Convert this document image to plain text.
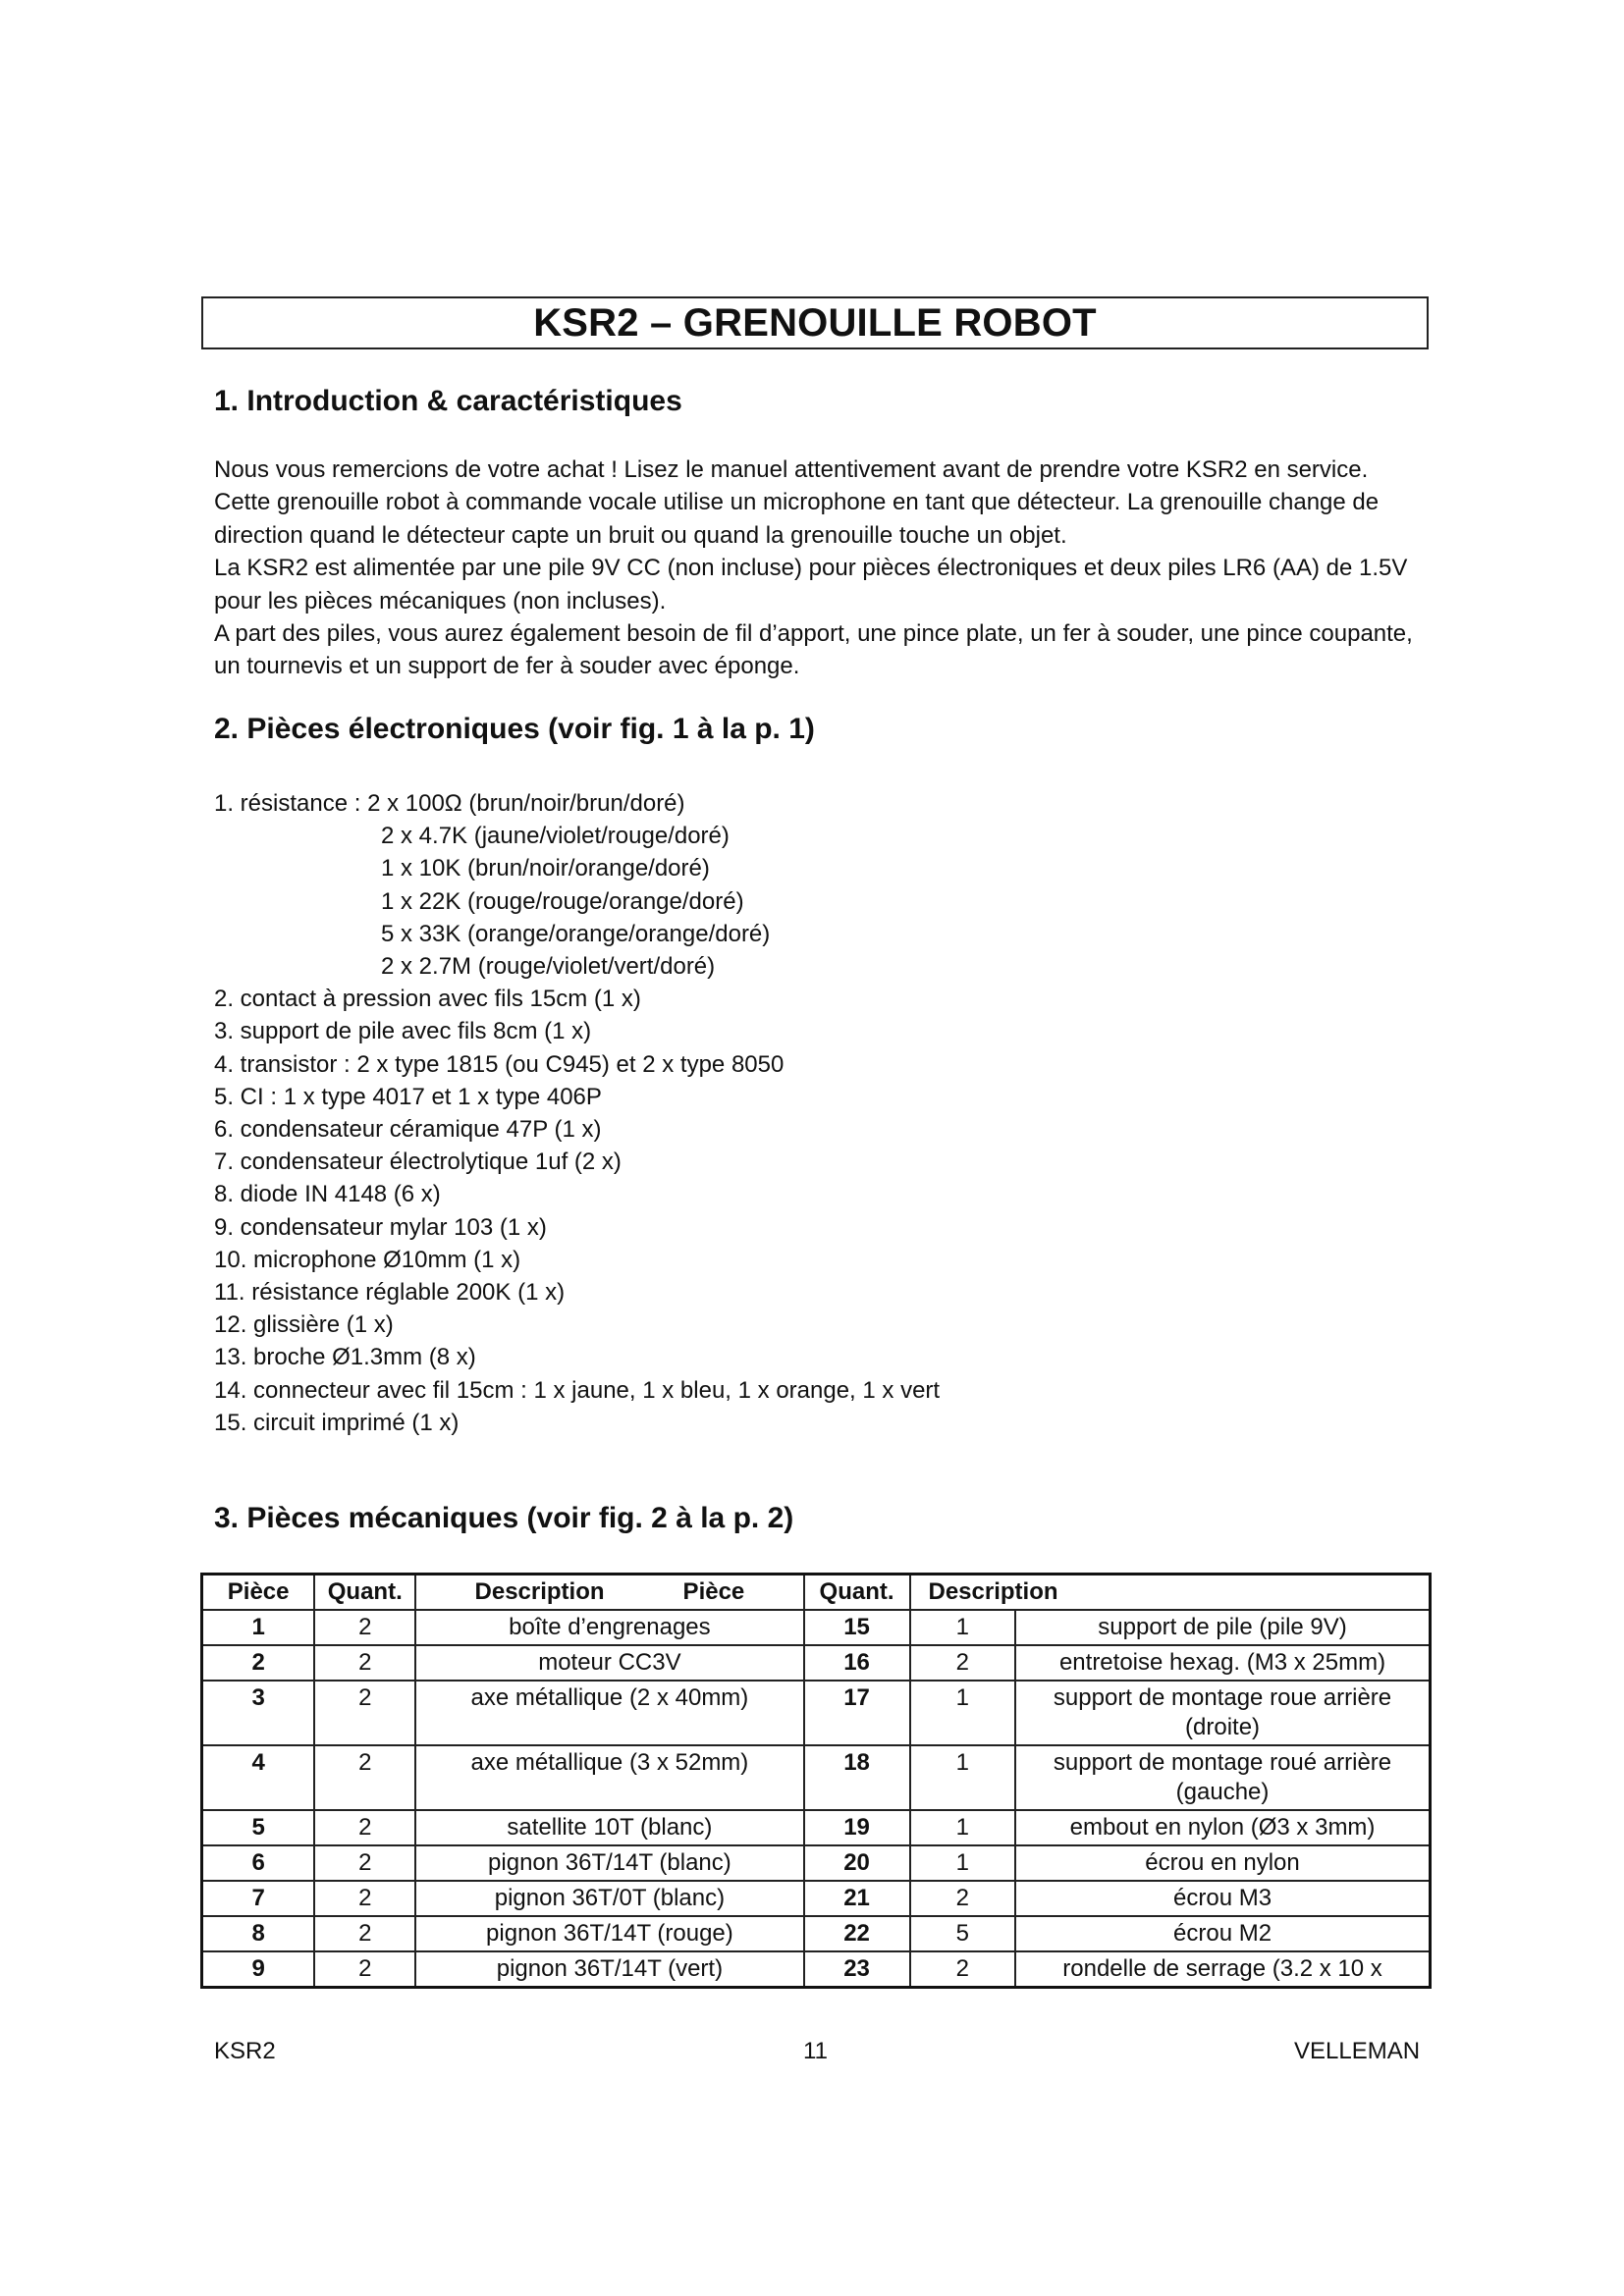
KSR2 – GRENOUILLE ROBOT
1. Introduction & caractéristiques

Nous vous remercions de votre achat ! Lisez le manuel attentivement avant de prendre votre KSR2 en service.

Cette grenouille robot à commande vocale utilise un microphone en tant que détecteur. La grenouille change de direction quand le détecteur capte un bruit ou quand la grenouille touche un objet.

La KSR2 est alimentée par une pile 9V CC (non incluse) pour pièces électroniques et deux piles LR6 (AA) de 1.5V pour les pièces mécaniques (non incluses).

A part des piles, vous aurez également besoin de fil d’apport, une pince plate, un fer à souder, une pince coupante, un tournevis et un support de fer à souder avec éponge.

2. Pièces électroniques (voir fig. 1 à la p. 1)
1. résistance : 2 x 100Ω (brun/noir/brun/doré)
2 x 4.7K (jaune/violet/rouge/doré)
1 x 10K (brun/noir/orange/doré)
1 x 22K (rouge/rouge/orange/doré)
5 x 33K (orange/orange/orange/doré)
2 x 2.7M (rouge/violet/vert/doré)
2. contact à pression avec fils 15cm (1 x)
3. support de pile avec fils 8cm (1 x)
4. transistor : 2 x type 1815 (ou C945) et 2 x type 8050
5. CI : 1 x type 4017 et 1 x type 406P
6. condensateur céramique 47P (1 x)
7. condensateur électrolytique 1uf (2 x)
8. diode IN 4148 (6 x)
9. condensateur mylar 103 (1 x)
10. microphone Ø10mm (1 x)
11. résistance réglable 200K (1 x)
12. glissière (1 x)
13. broche Ø1.3mm (8 x)
14. connecteur avec fil 15cm : 1 x jaune, 1 x bleu, 1 x orange, 1 x vert
15. circuit imprimé (1 x)
3. Pièces mécaniques (voir fig. 2 à la p. 2)
Pièce	Quant.	Description            Pièce	Quant.	Description	
1	2	boîte d’engrenages	15	1	support de pile (pile 9V)
2	2	moteur CC3V	16	2	entretoise hexag. (M3 x 25mm)
3	2	axe métallique (2 x 40mm)	17	1	support de montage roue arrière (droite)
4	2	axe métallique (3 x 52mm)	18	1	support de montage roué arrière (gauche)
5	2	satellite 10T (blanc)	19	1	embout en nylon (Ø3 x 3mm)
6	2	pignon 36T/14T (blanc)	20	1	écrou en nylon
7	2	pignon 36T/0T (blanc)	21	2	écrou M3
8	2	pignon 36T/14T (rouge)	22	5	écrou M2
9	2	pignon 36T/14T (vert)	23	2	rondelle de serrage (3.2 x 10 x
KSR2	11	VELLEMAN
